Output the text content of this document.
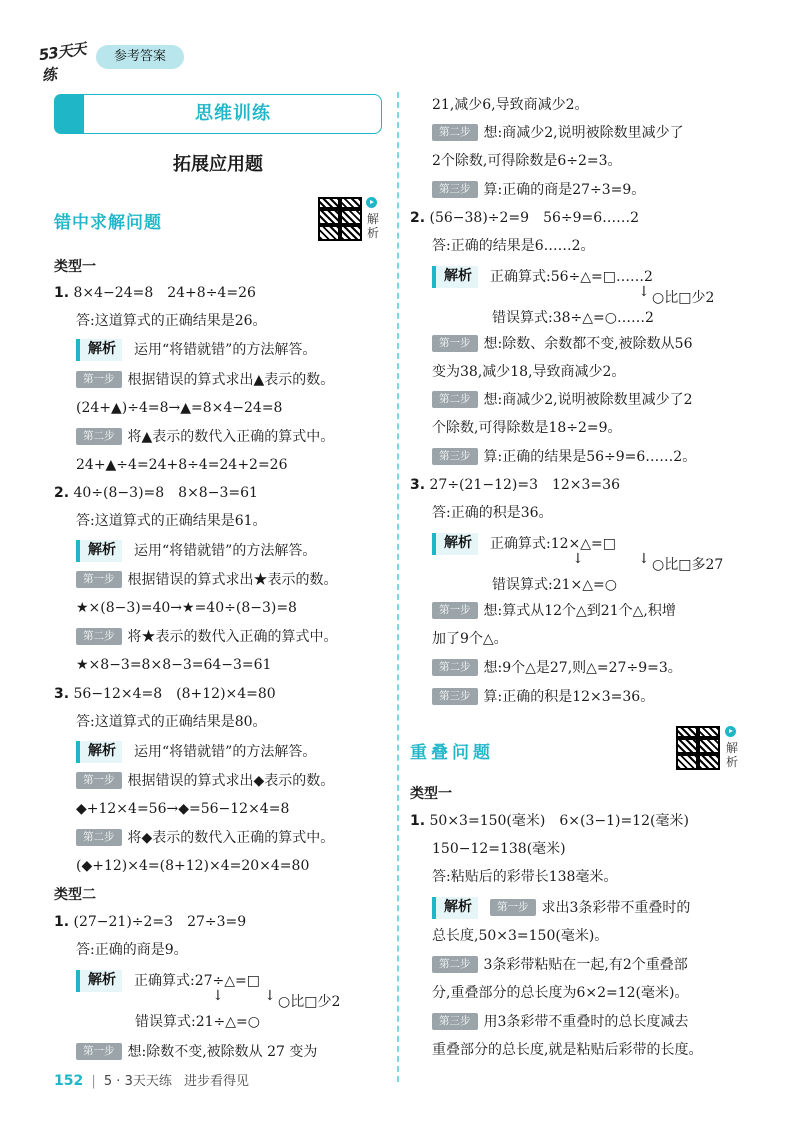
53天天练
参考答案
思维训练
拓展应用题
错中求解问题	解析
类型一
1. 8×4−24=8　24+8÷4=26
答:这道算式的正确结果是26。
解析 运用“将错就错”的方法解答。
第一步 根据错误的算式求出▲表示的数。
(24+▲)÷4=8→▲=8×4−24=8
第二步 将▲表示的数代入正确的算式中。
24+▲÷4=24+8÷4=24+2=26
2. 40÷(8−3)=8　8×8−3=61
答:这道算式的正确结果是61。
解析 运用“将错就错”的方法解答。
第一步 根据错误的算式求出★表示的数。
★×(8−3)=40→★=40÷(8−3)=8
第二步 将★表示的数代入正确的算式中。
★×8−3=8×8−3=64−3=61
3. 56−12×4=8　(8+12)×4=80
答:这道算式的正确结果是80。
解析 运用“将错就错”的方法解答。
第一步 根据错误的算式求出◆表示的数。
◆+12×4=56→◆=56−12×4=8
第二步 将◆表示的数代入正确的算式中。
(◆+12)×4=(8+12)×4=20×4=80
类型二
1. (27−21)÷2=3　27÷3=9
答:正确的商是9。
解析 正确算式:27÷△=□
↓	↓ ○比□少2
错误算式:21÷△=○
第一步 想:除数不变,被除数从 27 变为
21,减少6,导致商减少2。
第二步 想:商减少2,说明被除数里减少了
2个除数,可得除数是6÷2=3。
第三步 算:正确的商是27÷3=9。
2. (56−38)÷2=9　56÷9=6……2
答:正确的结果是6……2。
解析 正确算式:56÷△=□……2
↓ ○比□少2
错误算式:38÷△=○……2
第一步 想:除数、余数都不变,被除数从56
变为38,减少18,导致商减少2。
第二步 想:商减少2,说明被除数里减少了2
个除数,可得除数是18÷2=9。
第三步 算:正确的结果是56÷9=6……2。
3. 27÷(21−12)=3　12×3=36
答:正确的积是36。
解析 正确算式:12×△=□
↓	↓ ○比□多27
错误算式:21×△=○
第一步 想:算式从12个△到21个△,积增
加了9个△。
第二步 想:9个△是27,则△=27÷9=3。
第三步 算:正确的积是12×3=36。
重叠问题	解析
类型一
1. 50×3=150(毫米)　6×(3−1)=12(毫米)
150−12=138(毫米)
答:粘贴后的彩带长138毫米。
解析 第一步 求出3条彩带不重叠时的
总长度,50×3=150(毫米)。
第二步 3条彩带粘贴在一起,有2个重叠部
分,重叠部分的总长度为6×2=12(毫米)。
第三步 用3条彩带不重叠时的总长度减去
重叠部分的总长度,就是粘贴后彩带的长度。
152 | 5 · 3天天练 进步看得见
